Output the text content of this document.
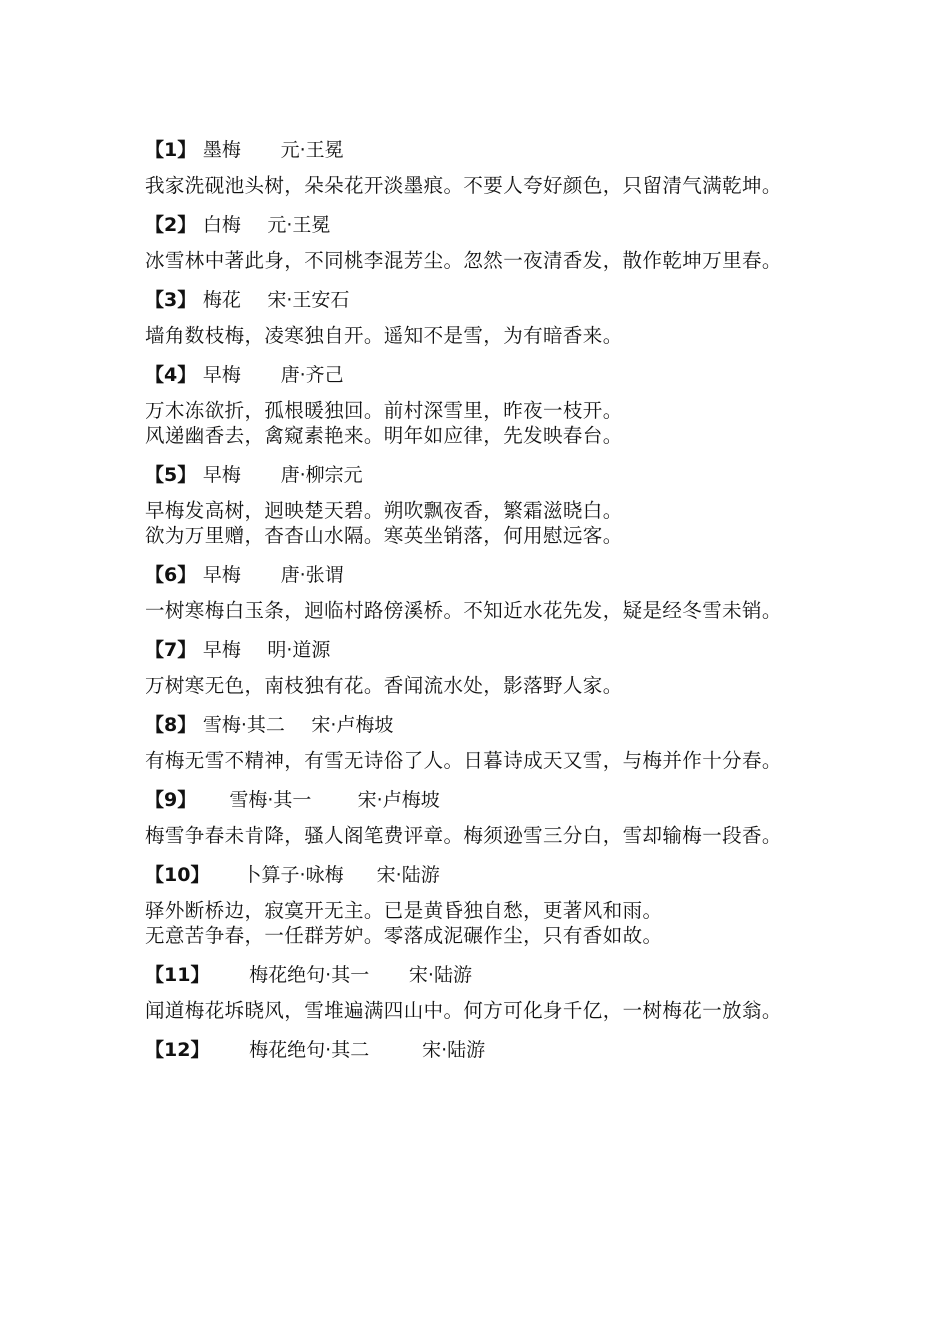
【1】 墨梅 元·王冕
我家洗砚池头树，朵朵花开淡墨痕。不要人夸好颜色，只留清气满乾坤。
【2】 白梅 元·王冕
冰雪林中著此身，不同桃李混芳尘。忽然一夜清香发，散作乾坤万里春。
【3】 梅花 宋·王安石
墙角数枝梅，凌寒独自开。遥知不是雪，为有暗香来。
【4】 早梅 唐·齐己
万木冻欲折，孤根暖独回。前村深雪里，昨夜一枝开。
风递幽香去，禽窥素艳来。明年如应律，先发映春台。
【5】 早梅 唐·柳宗元
早梅发高树，迥映楚天碧。朔吹飘夜香，繁霜滋晓白。
欲为万里赠，杳杳山水隔。寒英坐销落，何用慰远客。
【6】 早梅 唐·张谓
一树寒梅白玉条，迥临村路傍溪桥。不知近水花先发，疑是经冬雪未销。
【7】 早梅 明·道源
万树寒无色，南枝独有花。香闻流水处，影落野人家。
【8】 雪梅·其二 宋·卢梅坡
有梅无雪不精神，有雪无诗俗了人。日暮诗成天又雪，与梅并作十分春。
【9】 雪梅·其一 宋·卢梅坡
梅雪争春未肯降，骚人阁笔费评章。梅须逊雪三分白，雪却输梅一段香。
【10】 卜算子·咏梅 宋·陆游
驿外断桥边，寂寞开无主。已是黄昏独自愁，更著风和雨。
无意苦争春，一任群芳妒。零落成泥碾作尘，只有香如故。
【11】 梅花绝句·其一 宋·陆游
闻道梅花坼晓风，雪堆遍满四山中。何方可化身千亿，一树梅花一放翁。
【12】 梅花绝句·其二	宋·陆游
